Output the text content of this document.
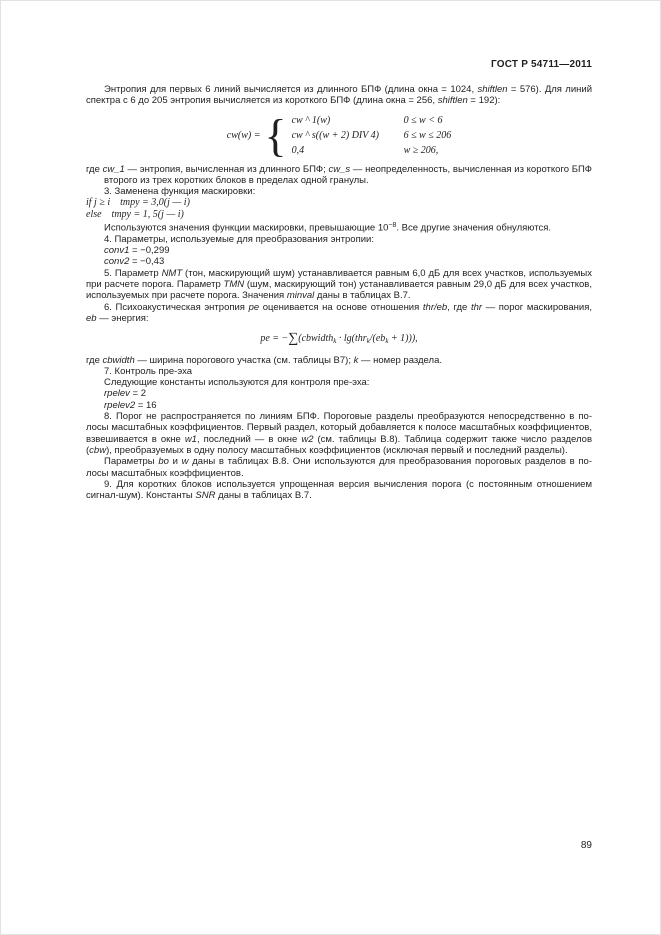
ГОСТ Р 54711—2011

Энтропия для первых 6 линий вычисляется из длинного БПФ (длина окна = 1024, shiftlen = 576). Для линий спектра с 6 до 205 энтропия вычисляется из короткого БПФ (длина окна = 256, shiftlen = 192):

cw(w) = { cw ^ 1(w)	0 ≤ w < 6
cw ^ s((w + 2) DIV 4)	6 ≤ w ≤ 206
0,4	w ≥ 206,

где cw_1 — энтропия, вычисленная из длинного БПФ; cw_s — неопределенность, вычисленная из короткого БПФ второго из трех коротких блоков в пределах одной гранулы.

3. Заменена функция маскировки:

if j ≥ i    tmpy = 3,0(j — i)

else    tmpy = 1, 5(j — i)

Используются значения функции маскировки, превышающие $10^{-8}$. Все другие значения обнуляются.

4. Параметры, используемые для преобразования энтропии:

conv1 = −0,299

conv2 = −0,43

5. Параметр NMT (тон, маскирующий шум) устанавливается равным 6,0 дБ для всех участков, используемых при расчете порога. Параметр TMN (шум, маскирующий тон) устанавливается равным 29,0 дБ для всех участков, используемых при расчете порога. Значения minval даны в таблицах В.7.

6. Психоакустическая энтропия pe оценивается на основе отношения thr/eb, где thr — порог маскирования, eb — энергия:

pe = −∑(cbwidth$_k$ · $\lg(thr_k/(eb_k + 1))$),

где cbwidth — ширина порогового участка (см. таблицы В7); k — номер раздела.

7. Контроль пре-эха

Следующие константы используются для контроля пре-эха:

rpelev = 2

rpelev2 = 16

8. Порог не распространяется по линиям БПФ. Пороговые разделы преобразуются непосредственно в полосы масштабных коэффициентов. Первый раздел, который добавляется к полосе масштабных коэффициентов, взвешивается в окне w1, последний — в окне w2 (см. таблицы В.8). Таблица содержит также число разделов (cbw), преобразуемых в одну полосу масштабных коэффициентов (исключая первый и последний разделы).

Параметры bo и w даны в таблицах В.8. Они используются для преобразования пороговых разделов в полосы масштабных коэффициентов.

9. Для коротких блоков используется упрощенная версия вычисления порога (с постоянным отношением сигнал-шум). Константы SNR даны в таблицах В.7.

89
